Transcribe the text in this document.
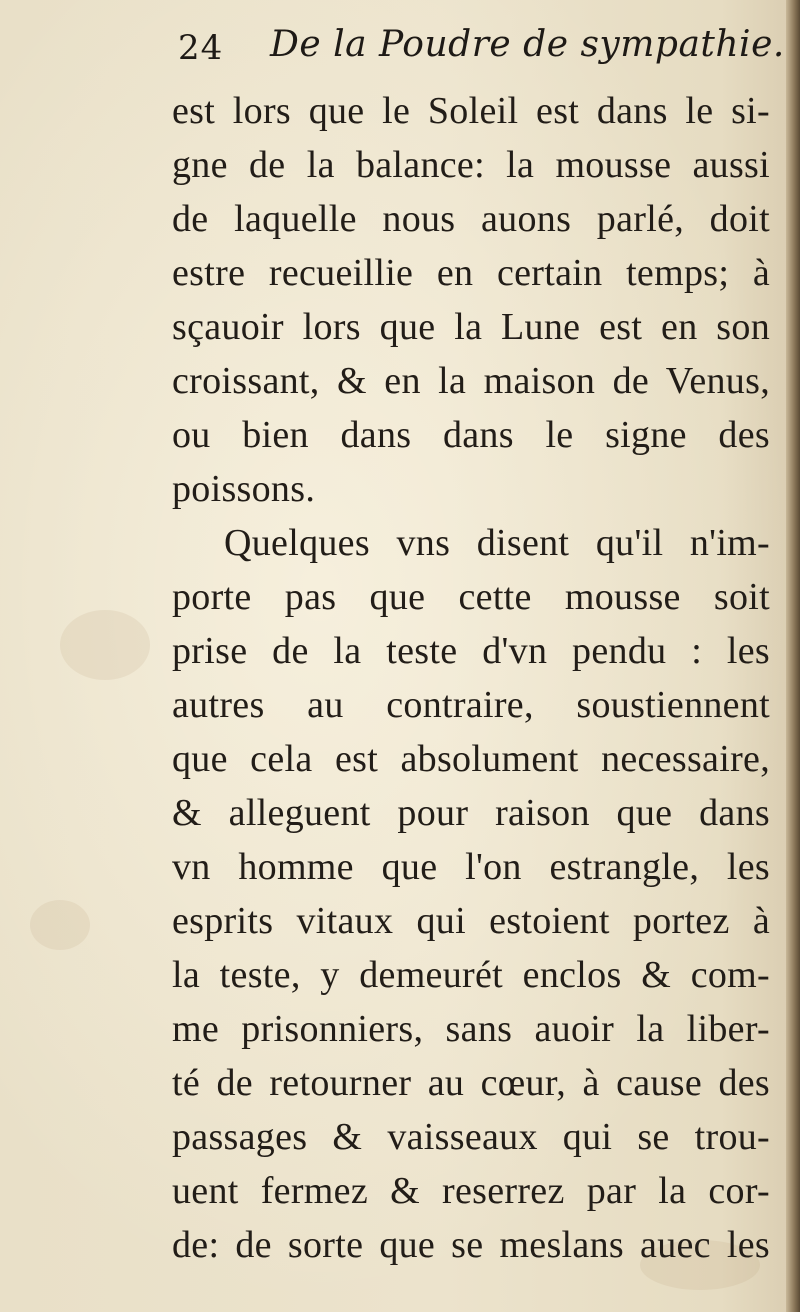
24 De la Poudre de sympathie.
est lors que le Soleil est dans le si-
gne de la balance: la mousse aussi
de laquelle nous auons parlé, doit
estre recueillie en certain temps; à
sçauoir lors que la Lune est en son
croissant, & en la maison de Venus,
ou bien dans dans le signe des
poissons.
Quelques vns disent qu'il n'im-
porte pas que cette mousse soit
prise de la teste d'vn pendu : les
autres au contraire, soustiennent
que cela est absolument necessaire,
& alleguent pour raison que dans
vn homme que l'on estrangle, les
esprits vitaux qui estoient portez à
la teste, y demeurét enclos & com-
me prisonniers, sans auoir la liber-
té de retourner au cœur, à cause des
passages & vaisseaux qui se trou-
uent fermez & reserrez par la cor-
de: de sorte que se meslans auec les
